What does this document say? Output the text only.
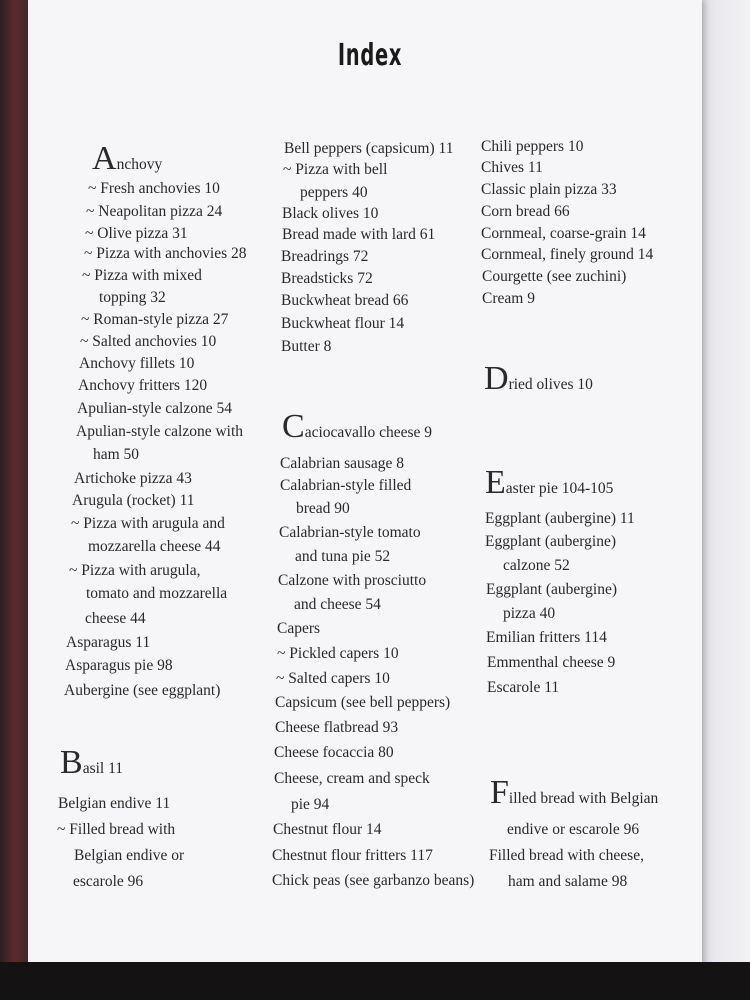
Index
Anchovy
~ Fresh anchovies 10
~ Neapolitan pizza 24
~ Olive pizza 31
~ Pizza with anchovies 28
~ Pizza with mixed
topping 32
~ Roman-style pizza 27
~ Salted anchovies 10
Anchovy fillets 10
Anchovy fritters 120
Apulian-style calzone 54
Apulian-style calzone with
ham 50
Artichoke pizza 43
Arugula (rocket) 11
~ Pizza with arugula and
mozzarella cheese 44
~ Pizza with arugula,
tomato and mozzarella
cheese 44
Asparagus 11
Asparagus pie 98
Aubergine (see eggplant)
Basil 11
Belgian endive 11
~ Filled bread with
Belgian endive or
escarole 96
Bell peppers (capsicum) 11
~ Pizza with bell
peppers 40
Black olives 10
Bread made with lard 61
Breadrings 72
Breadsticks 72
Buckwheat bread 66
Buckwheat flour 14
Butter 8
Caciocavallo cheese 9
Calabrian sausage 8
Calabrian-style filled
bread 90
Calabrian-style tomato
and tuna pie 52
Calzone with prosciutto
and cheese 54
Capers
~ Pickled capers 10
~ Salted capers 10
Capsicum (see bell peppers)
Cheese flatbread 93
Cheese focaccia 80
Cheese, cream and speck
pie 94
Chestnut flour 14
Chestnut flour fritters 117
Chick peas (see garbanzo beans)
Chili peppers 10
Chives 11
Classic plain pizza 33
Corn bread 66
Cornmeal, coarse-grain 14
Cornmeal, finely ground 14
Courgette (see zuchini)
Cream 9
Dried olives 10
Easter pie 104-105
Eggplant (aubergine) 11
Eggplant (aubergine)
calzone 52
Eggplant (aubergine)
pizza 40
Emilian fritters 114
Emmenthal cheese 9
Escarole 11
Filled bread with Belgian
endive or escarole 96
Filled bread with cheese,
ham and salame 98
